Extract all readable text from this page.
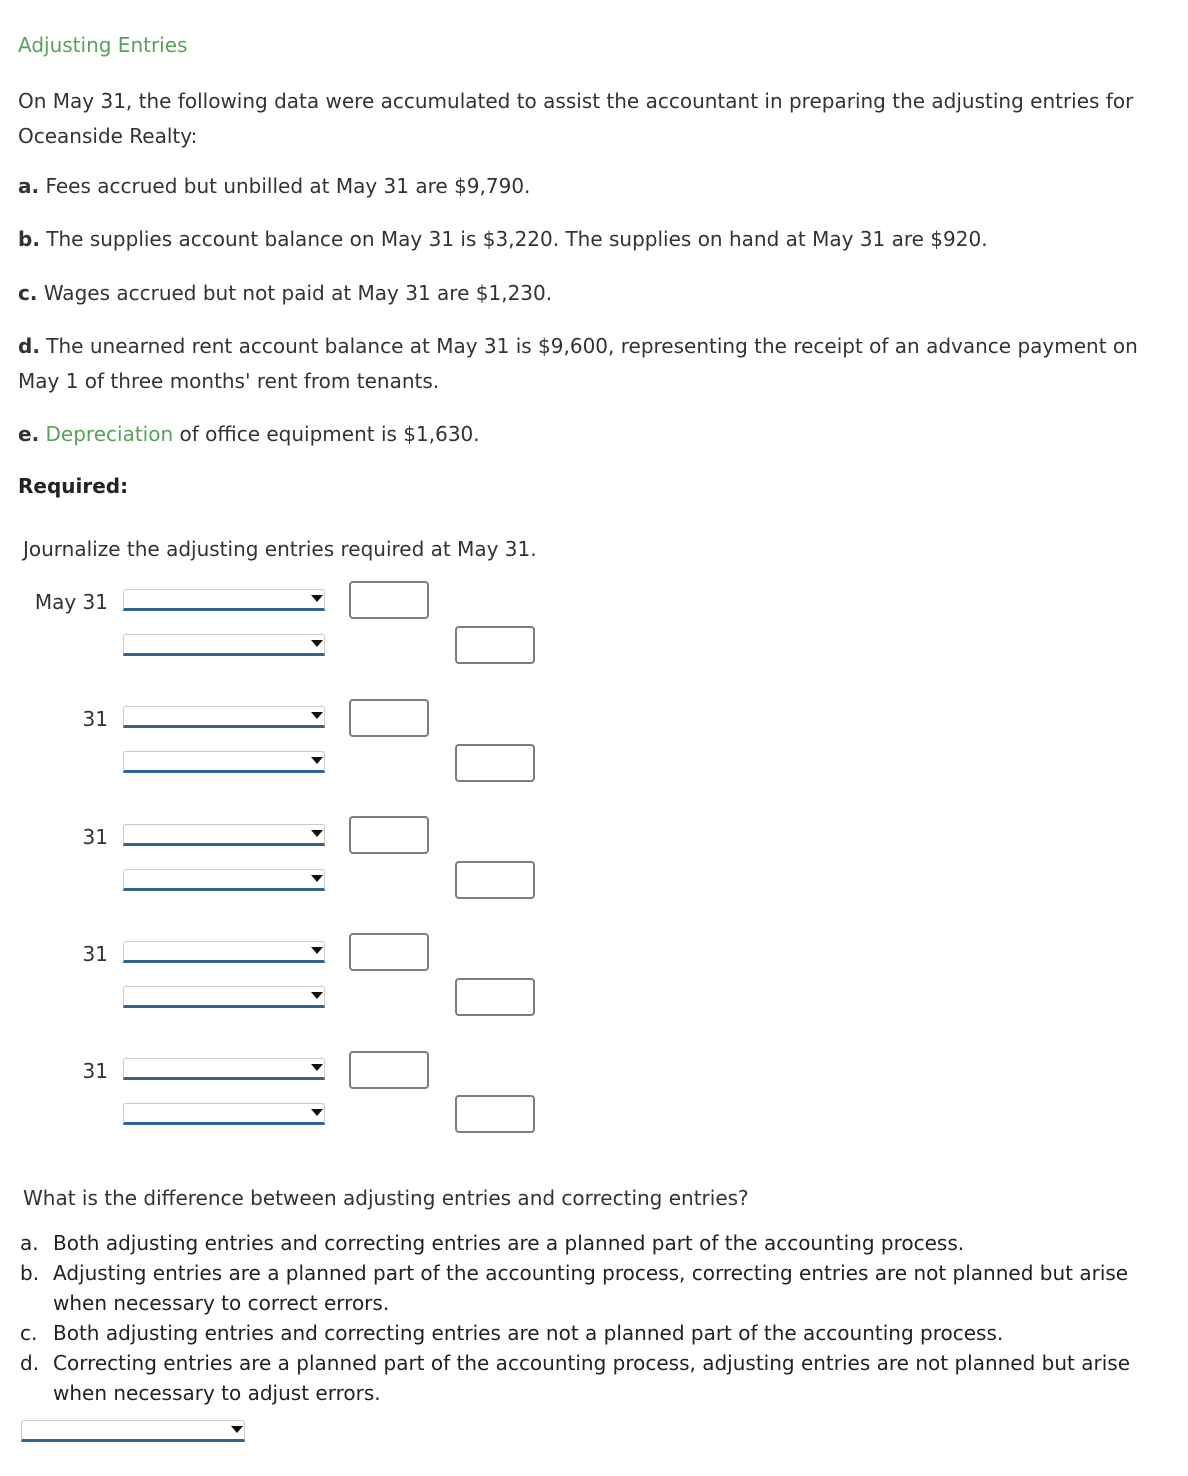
Adjusting Entries
On May 31, the following data were accumulated to assist the accountant in preparing the adjusting entries for Oceanside Realty:
a. Fees accrued but unbilled at May 31 are $9,790.
b. The supplies account balance on May 31 is $3,220. The supplies on hand at May 31 are $920.
c. Wages accrued but not paid at May 31 are $1,230.
d. The unearned rent account balance at May 31 is $9,600, representing the receipt of an advance payment on May 1 of three months' rent from tenants.
e. Depreciation of office equipment is $1,630.
Required:
Journalize the adjusting entries required at May 31.
May 31
31
31
31
31
What is the difference between adjusting entries and correcting entries?
a. Both adjusting entries and correcting entries are a planned part of the accounting process.
b. Adjusting entries are a planned part of the accounting process, correcting entries are not planned but arise when necessary to correct errors.
c. Both adjusting entries and correcting entries are not a planned part of the accounting process.
d. Correcting entries are a planned part of the accounting process, adjusting entries are not planned but arise when necessary to adjust errors.
